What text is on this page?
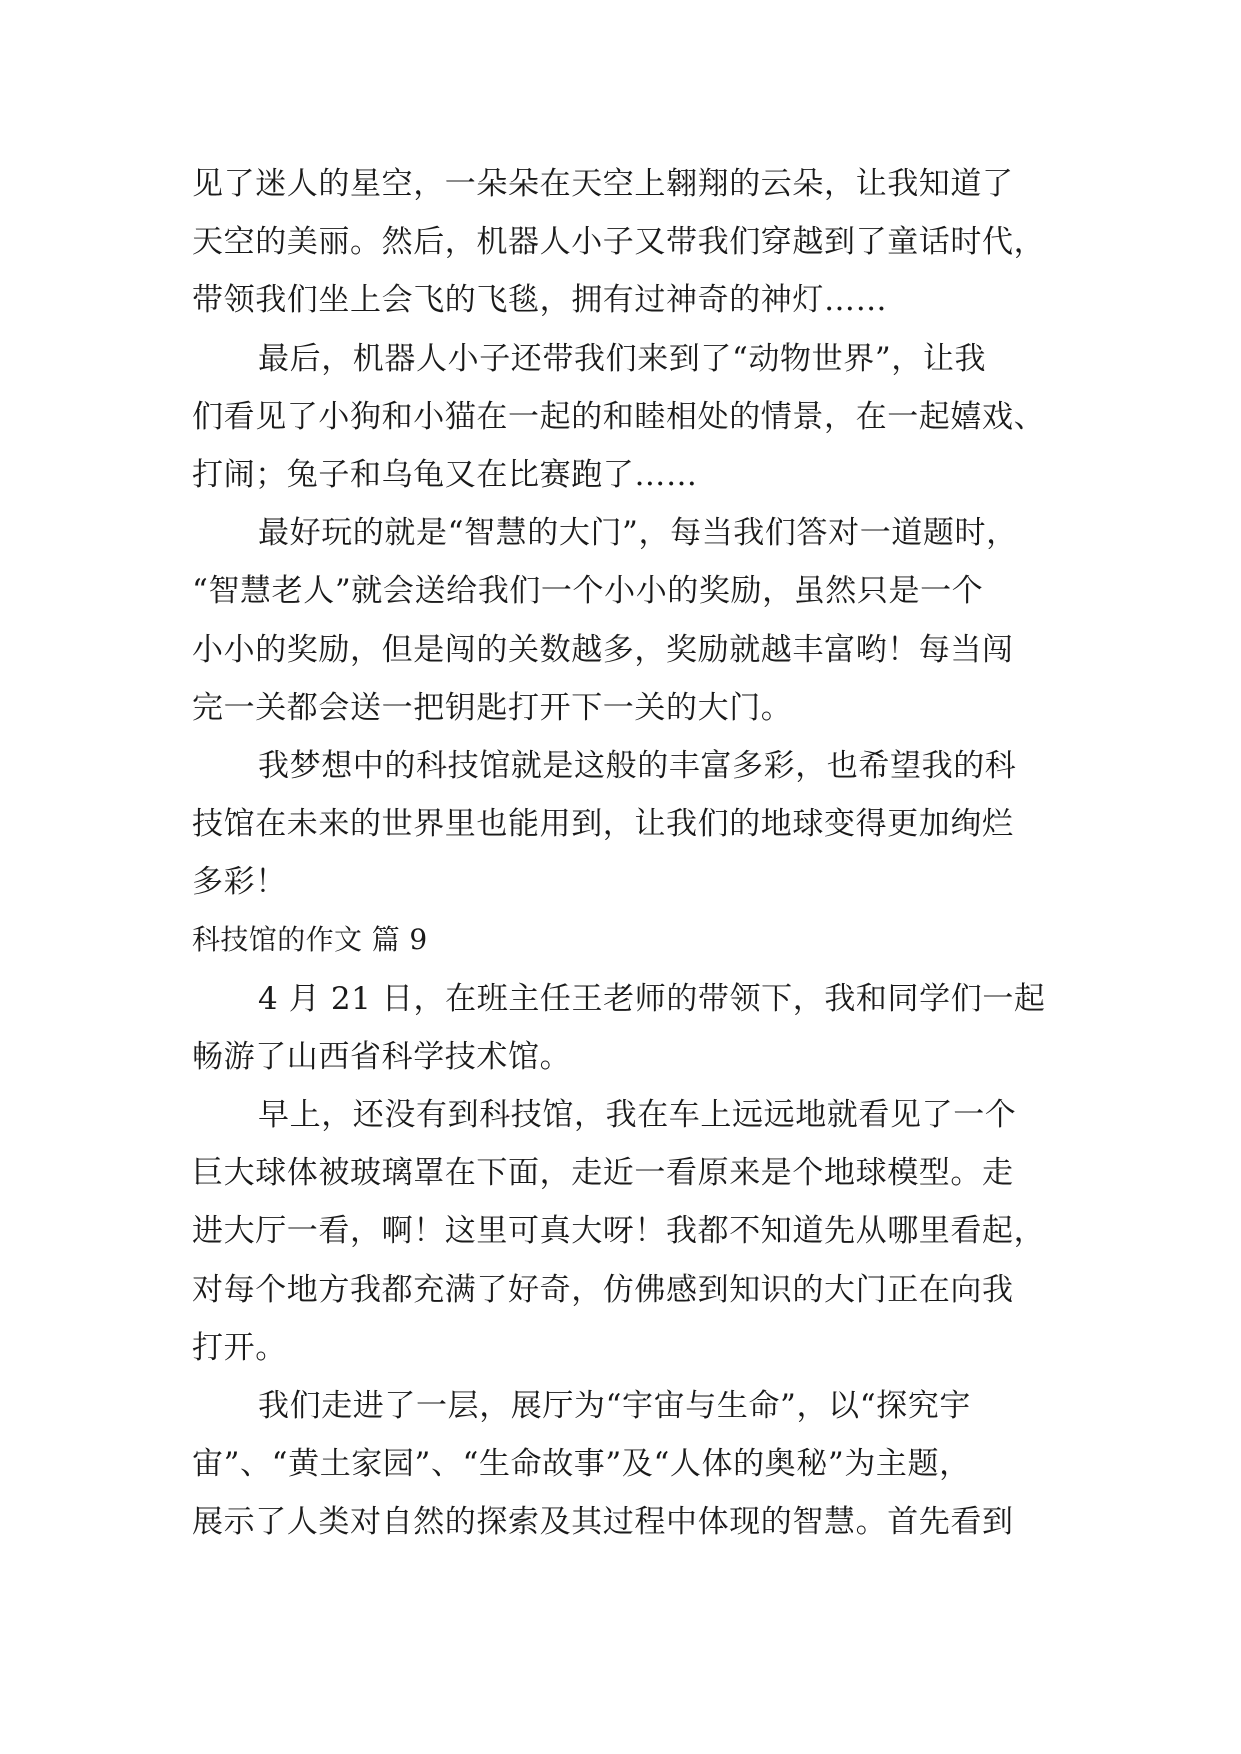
见了迷人的星空，一朵朵在天空上翱翔的云朵，让我知道了
天空的美丽。然后，机器人小子又带我们穿越到了童话时代，
带领我们坐上会飞的飞毯，拥有过神奇的神灯……
最后，机器人小子还带我们来到了“动物世界”，让我
们看见了小狗和小猫在一起的和睦相处的情景，在一起嬉戏、
打闹；兔子和乌龟又在比赛跑了……
最好玩的就是“智慧的大门”，每当我们答对一道题时，
“智慧老人”就会送给我们一个小小的奖励，虽然只是一个
小小的奖励，但是闯的关数越多，奖励就越丰富哟！每当闯
完一关都会送一把钥匙打开下一关的大门。
我梦想中的科技馆就是这般的丰富多彩，也希望我的科
技馆在未来的世界里也能用到，让我们的地球变得更加绚烂
多彩！
科技馆的作文 篇 9
4 月 21 日，在班主任王老师的带领下，我和同学们一起
畅游了山西省科学技术馆。
早上，还没有到科技馆，我在车上远远地就看见了一个
巨大球体被玻璃罩在下面，走近一看原来是个地球模型。走
进大厅一看，啊！这里可真大呀！我都不知道先从哪里看起，
对每个地方我都充满了好奇，仿佛感到知识的大门正在向我
打开。
我们走进了一层，展厅为“宇宙与生命”，以“探究宇
宙”、“黄土家园”、“生命故事”及“人体的奥秘”为主题，
展示了人类对自然的探索及其过程中体现的智慧。首先看到
